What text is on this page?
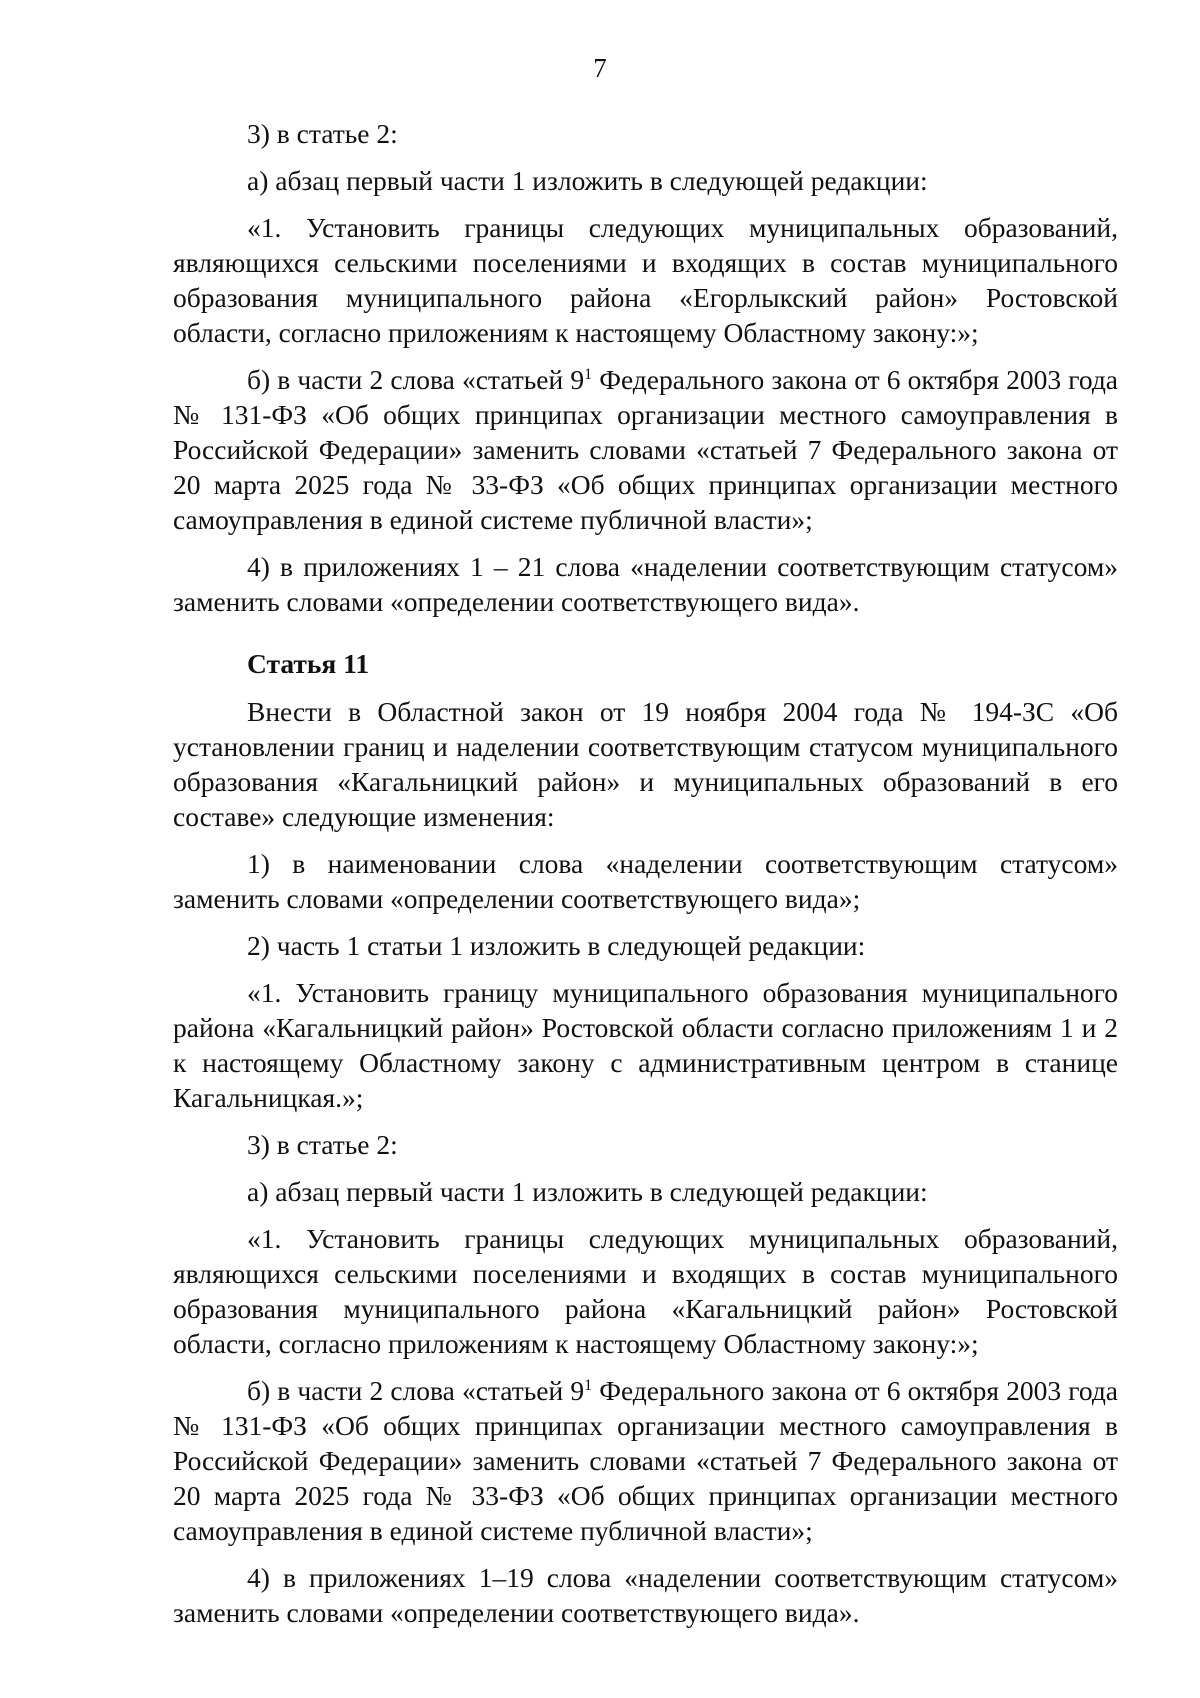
7

3) в статье 2:

а) абзац первый части 1 изложить в следующей редакции:

«1. Установить границы следующих муниципальных образований, являющихся сельскими поселениями и входящих в состав муниципального образования муниципального района «Егорлыкский район» Ростовской области, согласно приложениям к настоящему Областному закону:»;

б) в части 2 слова «статьей $9^1$ Федерального закона от 6 октября 2003 года № 131-ФЗ «Об общих принципах организации местного самоуправления в Российской Федерации» заменить словами «статьей 7 Федерального закона от 20 марта 2025 года № 33-ФЗ «Об общих принципах организации местного самоуправления в единой системе публичной власти»;

4) в приложениях 1 – 21 слова «наделении соответствующим статусом» заменить словами «определении соответствующего вида».

Статья 11

Внести в Областной закон от 19 ноября 2004 года № 194-ЗС «Об установлении границ и наделении соответствующим статусом муниципального образования «Кагальницкий район» и муниципальных образований в его составе» следующие изменения:

1) в наименовании слова «наделении соответствующим статусом» заменить словами «определении соответствующего вида»;

2) часть 1 статьи 1 изложить в следующей редакции:

«1. Установить границу муниципального образования муниципального района «Кагальницкий район» Ростовской области согласно приложениям 1 и 2 к настоящему Областному закону с административным центром в станице Кагальницкая.»;

3) в статье 2:

а) абзац первый части 1 изложить в следующей редакции:

«1. Установить границы следующих муниципальных образований, являющихся сельскими поселениями и входящих в состав муниципального образования муниципального района «Кагальницкий район» Ростовской области, согласно приложениям к настоящему Областному закону:»;

б) в части 2 слова «статьей $9^1$ Федерального закона от 6 октября 2003 года № 131-ФЗ «Об общих принципах организации местного самоуправления в Российской Федерации» заменить словами «статьей 7 Федерального закона от 20 марта 2025 года № 33-ФЗ «Об общих принципах организации местного самоуправления в единой системе публичной власти»;

4) в приложениях 1–19 слова «наделении соответствующим статусом» заменить словами «определении соответствующего вида».
